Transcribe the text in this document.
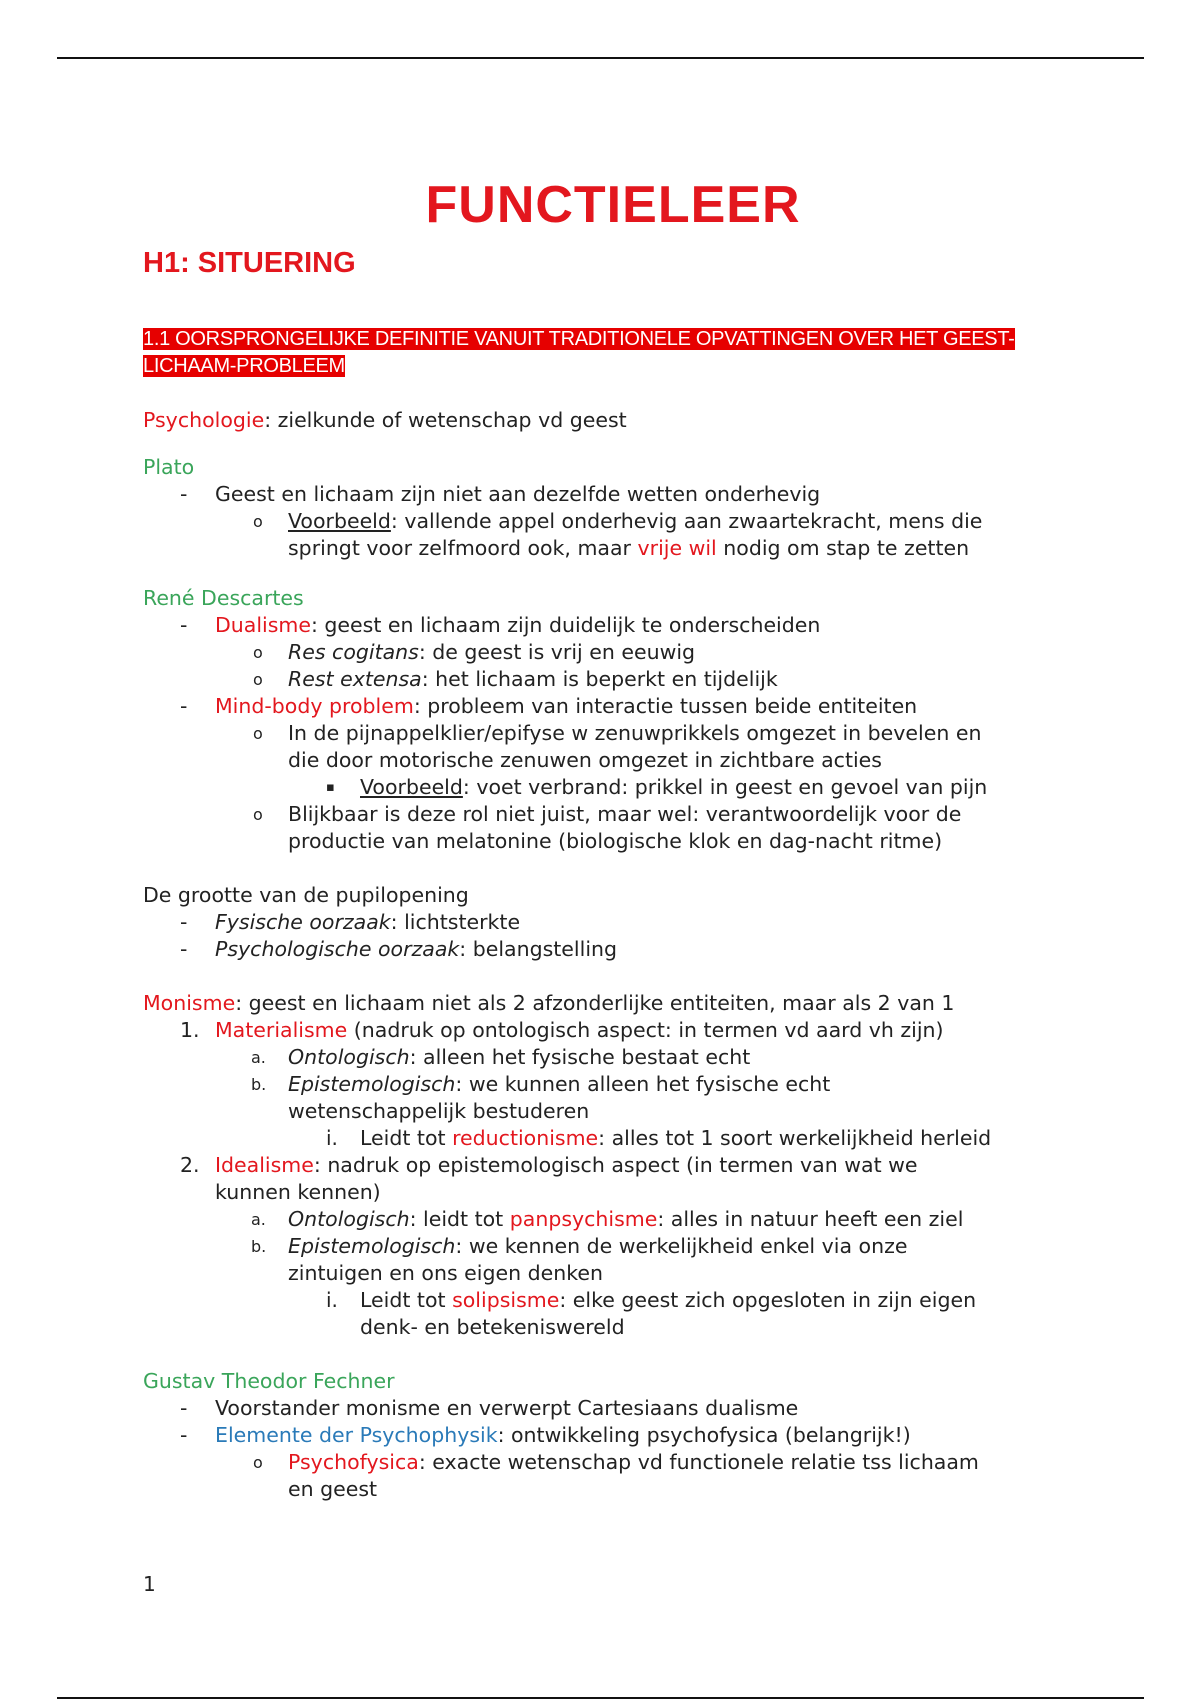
FUNCTIELEER
H1: SITUERING
1.1 OORSPRONGELIJKE DEFINITIE VANUIT TRADITIONELE OPVATTINGEN OVER HET GEEST-LICHAAM-PROBLEEM
Psychologie: zielkunde of wetenschap vd geest
Plato
- Geest en lichaam zijn niet aan dezelfde wetten onderhevig
o Voorbeeld: vallende appel onderhevig aan zwaartekracht, mens die
springt voor zelfmoord ook, maar vrije wil nodig om stap te zetten
René Descartes
- Dualisme: geest en lichaam zijn duidelijk te onderscheiden
o Res cogitans: de geest is vrij en eeuwig
o Rest extensa: het lichaam is beperkt en tijdelijk
- Mind-body problem: probleem van interactie tussen beide entiteiten
o In de pijnappelklier/epifyse w zenuwprikkels omgezet in bevelen en
die door motorische zenuwen omgezet in zichtbare acties
▪ Voorbeeld: voet verbrand: prikkel in geest en gevoel van pijn
o Blijkbaar is deze rol niet juist, maar wel: verantwoordelijk voor de
productie van melatonine (biologische klok en dag-nacht ritme)
De grootte van de pupilopening
- Fysische oorzaak: lichtsterkte
- Psychologische oorzaak: belangstelling
Monisme: geest en lichaam niet als 2 afzonderlijke entiteiten, maar als 2 van 1
1. Materialisme (nadruk op ontologisch aspect: in termen vd aard vh zijn)
a. Ontologisch: alleen het fysische bestaat echt
b. Epistemologisch: we kunnen alleen het fysische echt
wetenschappelijk bestuderen
i. Leidt tot reductionisme: alles tot 1 soort werkelijkheid herleid
2. Idealisme: nadruk op epistemologisch aspect (in termen van wat we
kunnen kennen)
a. Ontologisch: leidt tot panpsychisme: alles in natuur heeft een ziel
b. Epistemologisch: we kennen de werkelijkheid enkel via onze
zintuigen en ons eigen denken
i. Leidt tot solipsisme: elke geest zich opgesloten in zijn eigen
denk- en betekeniswereld
Gustav Theodor Fechner
- Voorstander monisme en verwerpt Cartesiaans dualisme
- Elemente der Psychophysik: ontwikkeling psychofysica (belangrijk!)
o Psychofysica: exacte wetenschap vd functionele relatie tss lichaam
en geest
1
